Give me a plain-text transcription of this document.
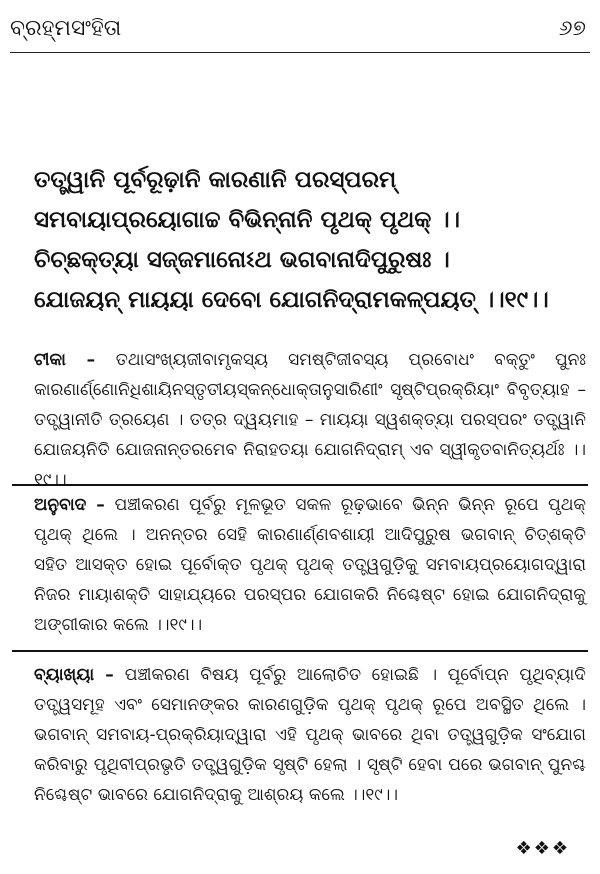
ବ୍ରହ୍ମସଂହିତା	୬୭
ତତ୍ତ୍ୱାନି ପୂର୍ବରୂଢ଼ାନି କାରଣାନି ପରସ୍ପରମ୍
ସମବାୟାପ୍ରୟୋଗାଚ୍ଚ ବିଭିନ୍ନାନି ପୃଥକ୍ ପୃଥକ୍ ।।
ଚିଚ୍ଛକ୍ତ୍ୟା ସଜ୍ଜମାନୋଽଥ ଭଗବାନାଦିପୁରୁଷଃ ।
ଯୋଜୟନ୍ ମାୟୟା ଦେବୋ ଯୋଗନିଦ୍ରାମକଳ୍ପୟତ୍ ।।୧୯।।
ଟୀକା – ତଥାସଂଖ୍ୟଜୀବାମୃକସ୍ୟ ସମଷ୍ଟିଜୀବସ୍ୟ ପ୍ରବୋଧଂ ବକ୍ତୁଂ ପୁନଃ କାରଣାର୍ଣ୍ଣୋନିଧିଶାୟିନସ୍ତୃତୀୟସ୍କନ୍ଧୋକ୍ତାନୁସାରିଣୀଂ ସୃଷ୍ଟିପ୍ରକ୍ରିୟାଂ ବିବୃତ୍ୟାହ – ତତ୍ତ୍ୱାନୀତି ତ୍ରୟେଣ । ତତ୍ର ଦ୍ୱୟମାହ – ମାୟୟା ସ୍ୱଶକ୍ତ୍ୟା ପରସ୍ପରଂ ତତ୍ତ୍ୱାନି ଯୋଜୟନିତି ଯୋଜନାନ୍ତରମେବ ନିରାହତୟା ଯୋଗନିଦ୍ରାମ୍ ଏବ ସ୍ୱୀକୃତବାନିତ୍ୟର୍ଥଃ ।।୧୯।।
ଅନୁବାଦ – ପଞ୍ଚୀକରଣ ପୂର୍ବରୁ ମୂଳଭୂତ ସକଳ ରୂଢ଼ଭାବେ ଭିନ୍ନ ଭିନ୍ନ ରୂପେ ପୃଥକ୍ ପୃଥକ୍ ଥିଲେ । ଅନନ୍ତର ସେହି କାରଣାର୍ଣ୍ଣବଶାୟୀ ଆଦିପୁରୁଷ ଭଗବାନ୍ ଚିତ୍‌ଶକ୍ତି ସହିତ ଆସକ୍ତ ହୋଇ ପୂର୍ବୋକ୍ତ ପୃଥକ୍ ପୃଥକ୍ ତତ୍ତ୍ୱଗୁଡ଼ିକୁ ସମବାୟପ୍ରୟୋଗଦ୍ୱାରା ନିଜର ମାୟାଶକ୍ତି ସାହାଯ୍ୟରେ ପରସ୍ପର ଯୋଗକରି ନିଶ୍ଚେଷ୍ଟ ହୋଇ ଯୋଗନିଦ୍ରାକୁ ଅଙ୍ଗୀକାର କଲେ ।।୧୯।।
ବ୍ୟାଖ୍ୟା – ପଞ୍ଚୀକରଣ ବିଷୟ ପୂର୍ବରୁ ଆଲୋଚିତ ହୋଇଛି । ପୂର୍ବୋପ୍ନ ପୃଥିବ୍ୟାଦି ତତ୍ତ୍ୱସମୂହ ଏବଂ ସେମାନଙ୍କର କାରଣଗୁଡ଼ିକ ପୃଥକ୍ ପୃଥକ୍ ରୂପେ ଅବସ୍ଥିତ ଥିଲେ । ଭଗବାନ୍ ସମବାୟ-ପ୍ରକ୍ରିୟାଦ୍ୱାରା ଏହି ପୃଥକ୍ ଭାବରେ ଥିବା ତତ୍ତ୍ୱଗୁଡ଼ିକ ସଂଯୋଗ କରିବାରୁ ପୃଥିବୀପ୍ରଭୃତି ତତ୍ତ୍ୱଗୁଡ଼ିକ ସୃଷ୍ଟି ହେଲା । ସୃଷ୍ଟି ହେବା ପରେ ଭଗବାନ୍ ପୁନଶ୍ଚ ନିଶ୍ଚେଷ୍ଟ ଭାବରେ ଯୋଗନିଦ୍ରାକୁ ଆଶ୍ରୟ କଲେ ।।୧୯।।
❖❖❖
